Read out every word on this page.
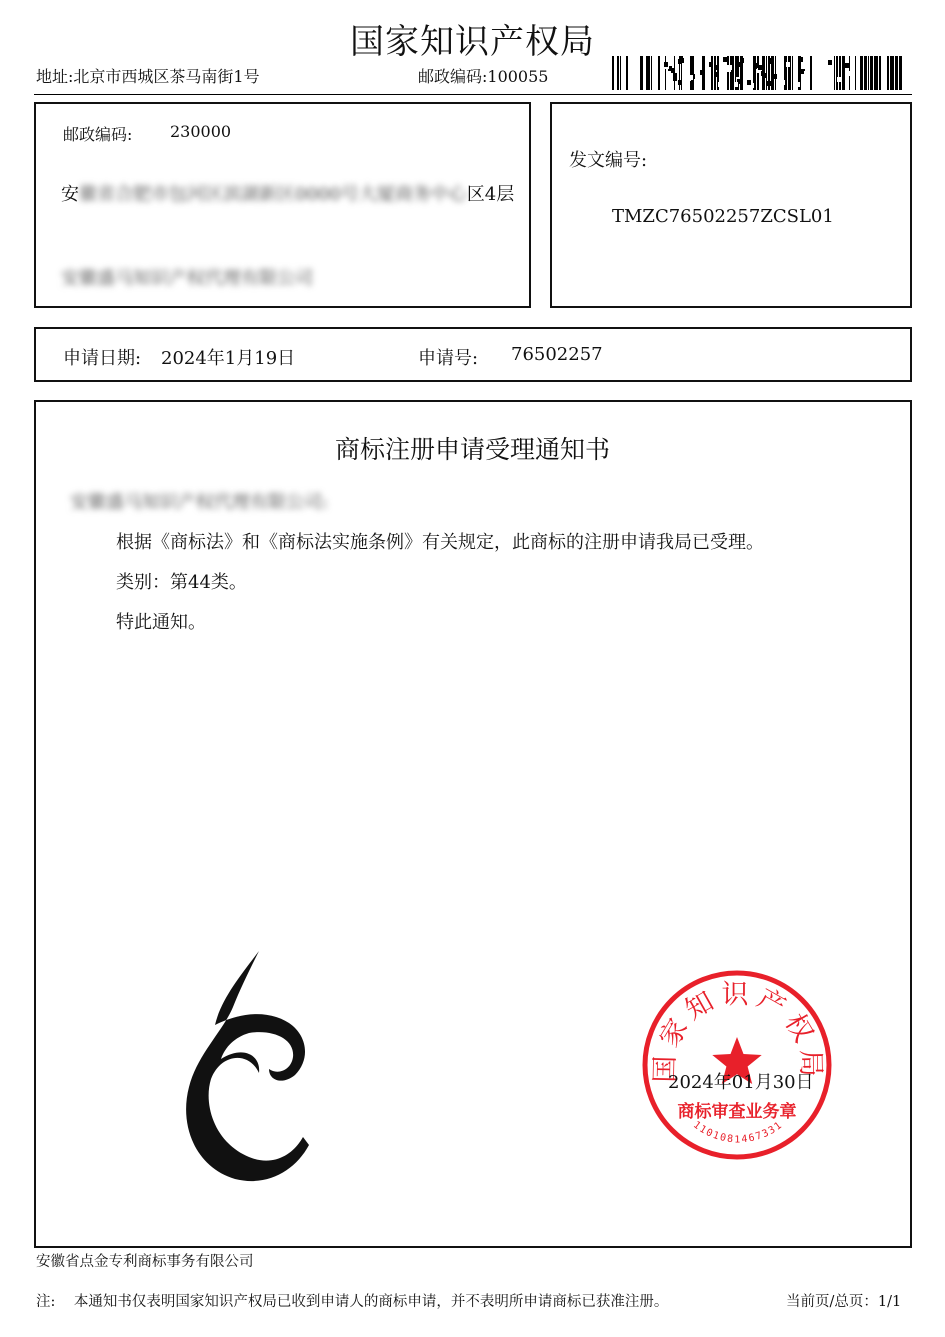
国家知识产权局
地址:北京市西城区茶马南街1号	邮政编码:100055
邮政编码: 230000
安徽省合肥市包河区滨湖新区0000号大厦商务中心区4层
安徽盛马知识产权代理有限公司
发文编号:
TMZC76502257ZCSL01
申请日期: 2024年1月19日	申请号: 76502257
商标注册申请受理通知书
安徽盛马知识产权代理有限公司:
根据《商标法》和《商标法实施条例》有关规定，此商标的注册申请我局已受理。
类别：第44类。
特此通知。
国家知识产权局
商标审查业务章
1101081467331
2024年01月30日
安徽省点金专利商标事务有限公司
注:    本通知书仅表明国家知识产权局已收到申请人的商标申请，并不表明所申请商标已获准注册。	当前页/总页：1/1
